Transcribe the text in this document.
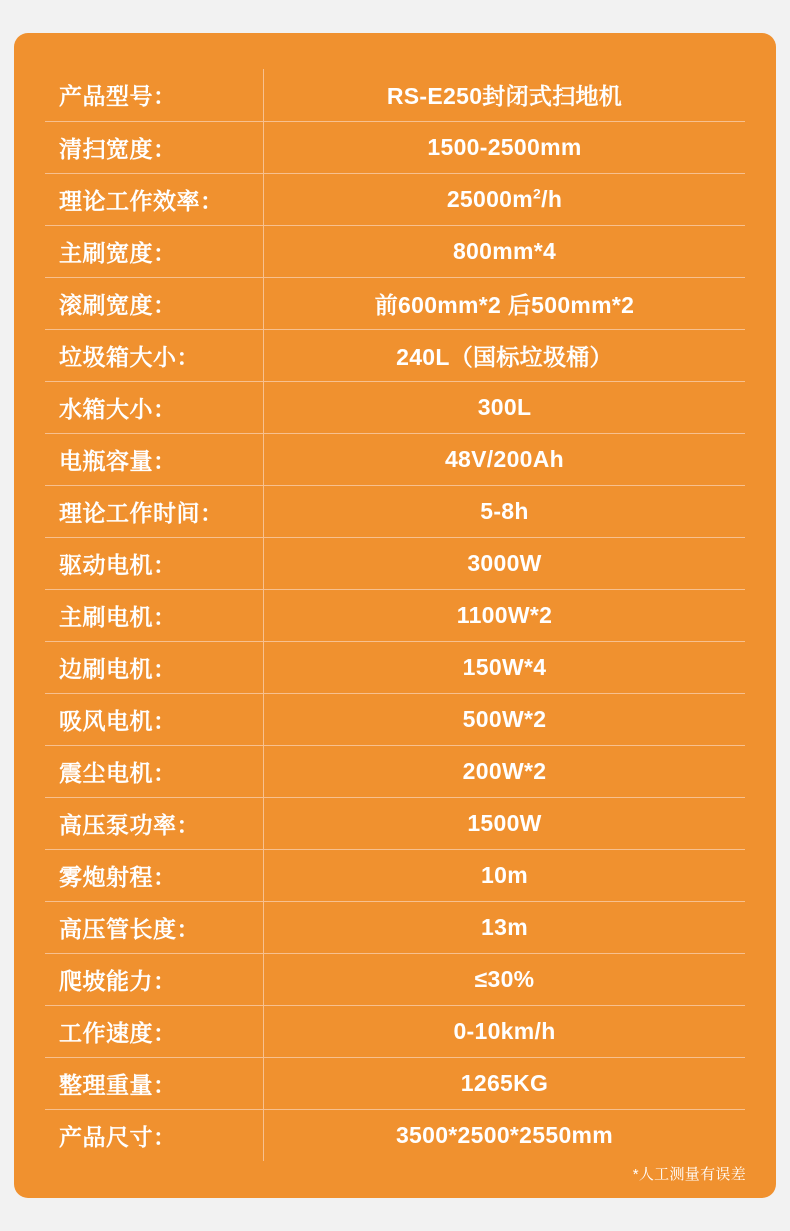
产品型号：	RS-E250封闭式扫地机
清扫宽度：	1500-2500mm
理论工作效率：	$25000m^2/h$
主刷宽度：	800mm*4
滚刷宽度：	前600mm*2 后500mm*2
垃圾箱大小：	240L（国标垃圾桶）
水箱大小：	300L
电瓶容量：	48V/200Ah
理论工作时间：	5-8h
驱动电机：	3000W
主刷电机：	1100W*2
边刷电机：	150W*4
吸风电机：	500W*2
震尘电机：	200W*2
高压泵功率：	1500W
雾炮射程：	10m
高压管长度：	13m
爬坡能力：	≤30%
工作速度：	0-10km/h
整理重量：	1265KG
产品尺寸：	3500*2500*2550mm
*人工测量有误差
